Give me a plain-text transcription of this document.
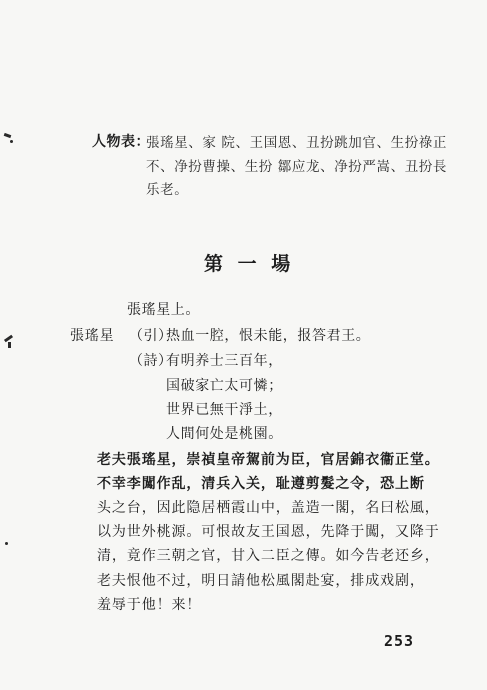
人物表：
張瑤星、家 院、王国恩、丑扮跳加官、生扮祿正
不、净扮曹操、生扮 鄒应龙、净扮严嵩、丑扮長
乐老。
第 一 場
張瑤星上。
張瑤星 （引）
（詩）
热血一腔，恨未能，报答君王。
有明养士三百年，
国破家亡太可憐；
世界已無干淨土，
人間何处是桃園。
老夫張瑤星，崇禎皇帝駕前为臣，官居錦衣衞正堂。
不幸李闖作乱，清兵入关，耻遵剪髮之令，恐上断
头之台，因此隐居栖霞山中，盖造一閣，名曰松風，
以为世外桃源。可恨故友王国恩，先降于闖，又降于
清，竟作三朝之官，甘入二臣之傳。如今告老还乡，
老夫恨他不过，明日請他松風閣赴宴，排成戏剧，
羞辱于他！来！
253
